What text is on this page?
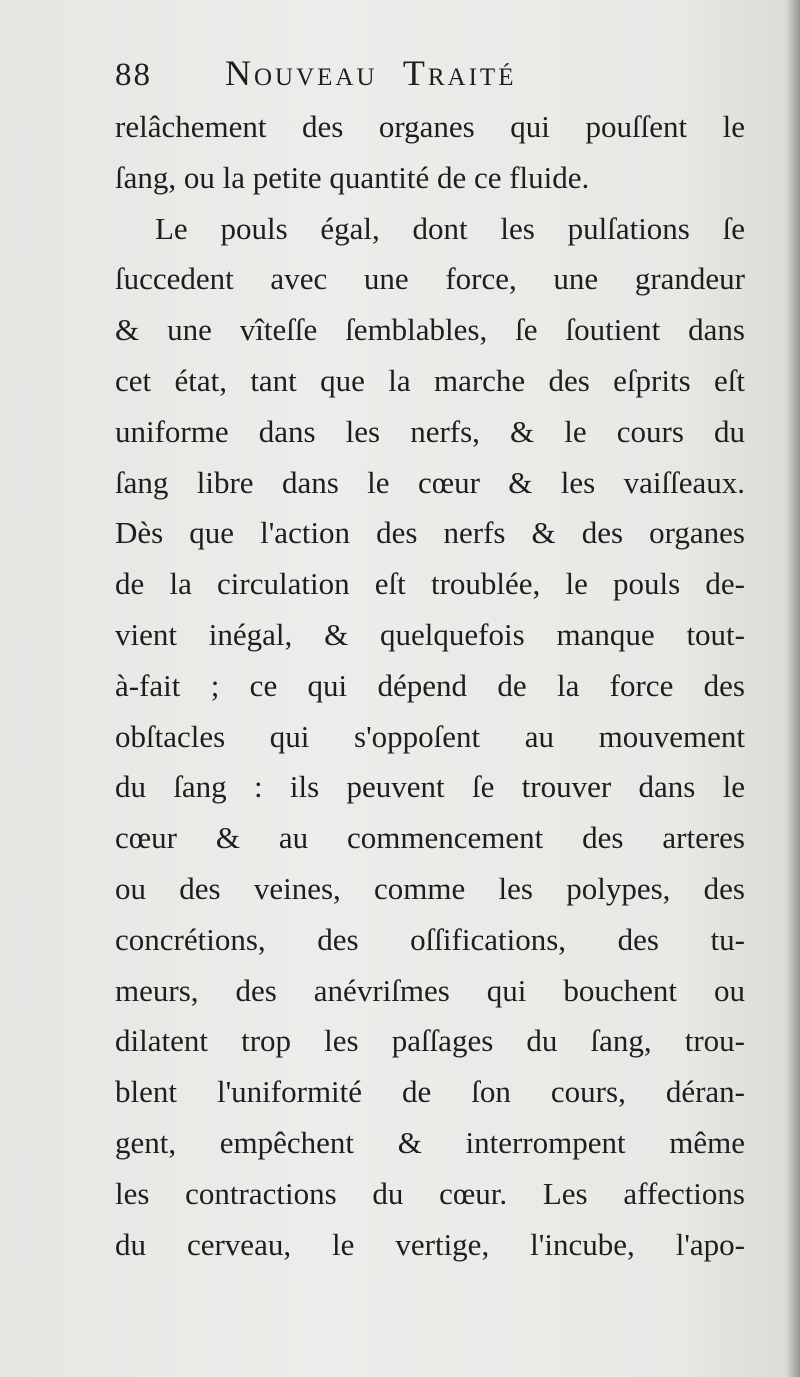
88	Nouveau Traité
relâchement des organes qui pouſſent le
ſang, ou la petite quantité de ce fluide.
Le pouls égal, dont les pulſations ſe
ſuccedent avec une force, une grandeur
& une vîteſſe ſemblables, ſe ſoutient dans
cet état, tant que la marche des eſprits eſt
uniforme dans les nerfs, & le cours du
ſang libre dans le cœur & les vaiſſeaux.
Dès que l'action des nerfs & des organes
de la circulation eſt troublée, le pouls de-
vient inégal, & quelquefois manque tout-
à-fait ; ce qui dépend de la force des
obſtacles qui s'oppoſent au mouvement
du ſang : ils peuvent ſe trouver dans le
cœur & au commencement des arteres
ou des veines, comme les polypes, des
concrétions, des oſſifications, des tu-
meurs, des anévriſmes qui bouchent ou
dilatent trop les paſſages du ſang, trou-
blent l'uniformité de ſon cours, déran-
gent, empêchent & interrompent même
les contractions du cœur. Les affections
du cerveau, le vertige, l'incube, l'apo-
